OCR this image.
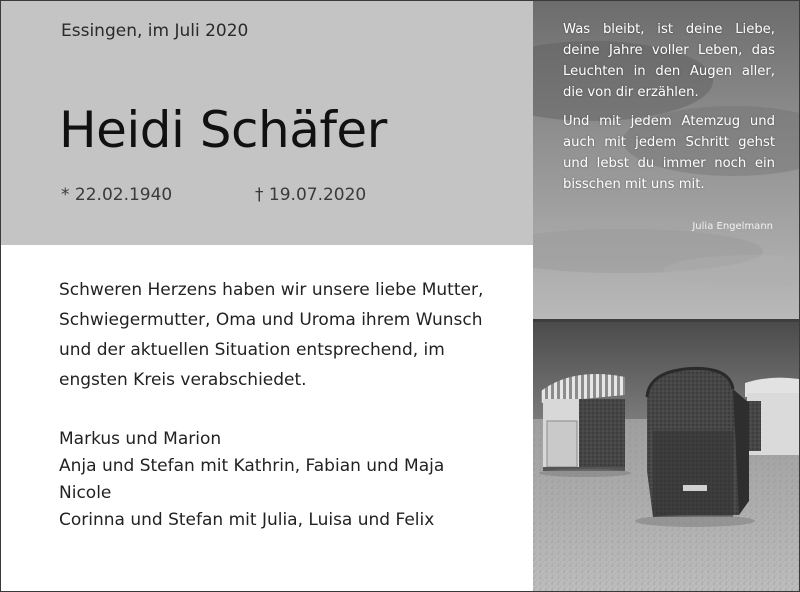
Essingen, im Juli 2020
Heidi Schäfer
* 22.02.1940	† 19.07.2020
Schweren Herzens haben wir unsere liebe Mutter, Schwiegermutter, Oma und Uroma ihrem Wunsch und der aktuellen Situation entsprechend, im engsten Kreis verabschiedet.
Markus und Marion
Anja und Stefan mit Kathrin, Fabian und Maja
Nicole
Corinna und Stefan mit Julia, Luisa und Felix

Was bleibt, ist deine Liebe, deine Jahre voller Leben, das Leuchten in den Augen aller, die von dir erzählen.

Und mit jedem Atemzug und auch mit jedem Schritt gehst und lebst du immer noch ein bisschen mit uns mit.

Julia Engelmann
